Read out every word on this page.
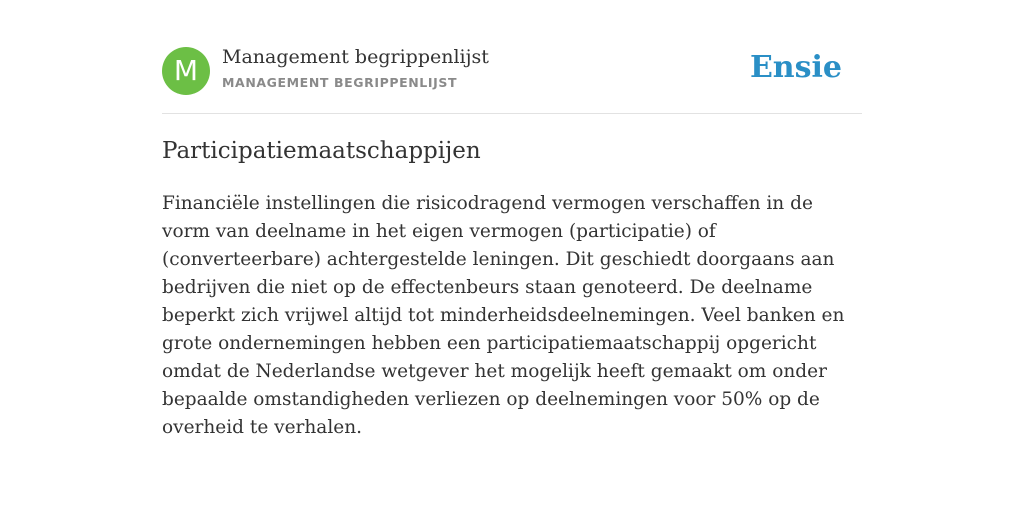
M	Management begrippenlijst
MANAGEMENT BEGRIPPENLIJST	Ensie
Participatiemaatschappijen

Financiële instellingen die risicodragend vermogen verschaffen in de vorm van deelname in het eigen vermogen (participatie) of (converteerbare) achtergestelde leningen. Dit geschiedt doorgaans aan bedrijven die niet op de effectenbeurs staan genoteerd. De deelname beperkt zich vrijwel altijd tot minderheidsdeelnemingen. Veel banken en grote ondernemingen hebben een participatiemaatschappij opgericht omdat de Nederlandse wetgever het mogelijk heeft gemaakt om onder bepaalde omstandigheden verliezen op deelnemingen voor 50% op de overheid te verhalen.
